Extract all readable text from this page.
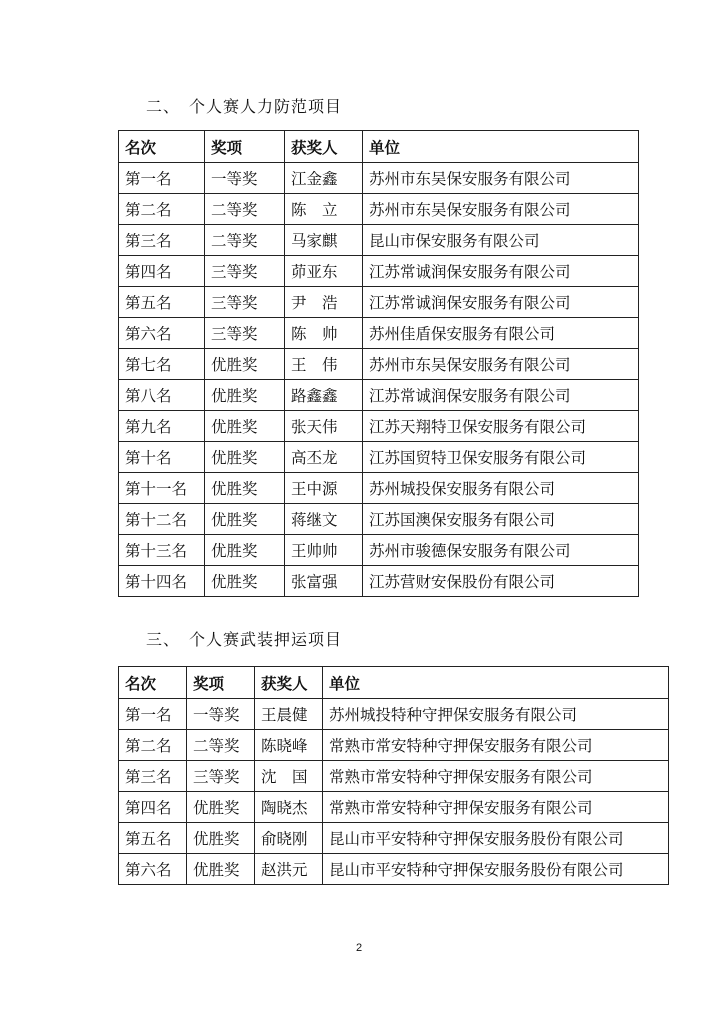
二、　个人赛人力防范项目
名次	奖项	获奖人	单位
第一名	一等奖	江金鑫	苏州市东吴保安服务有限公司
第二名	二等奖	陈　立	苏州市东吴保安服务有限公司
第三名	二等奖	马家麒	昆山市保安服务有限公司
第四名	三等奖	茆亚东	江苏常诚润保安服务有限公司
第五名	三等奖	尹　浩	江苏常诚润保安服务有限公司
第六名	三等奖	陈　帅	苏州佳盾保安服务有限公司
第七名	优胜奖	王　伟	苏州市东吴保安服务有限公司
第八名	优胜奖	路鑫鑫	江苏常诚润保安服务有限公司
第九名	优胜奖	张天伟	江苏天翔特卫保安服务有限公司
第十名	优胜奖	高丕龙	江苏国贸特卫保安服务有限公司
第十一名	优胜奖	王中源	苏州城投保安服务有限公司
第十二名	优胜奖	蒋继文	江苏国澳保安服务有限公司
第十三名	优胜奖	王帅帅	苏州市骏德保安服务有限公司
第十四名	优胜奖	张富强	江苏营财安保股份有限公司
三、　个人赛武装押运项目
名次	奖项	获奖人	单位
第一名	一等奖	王晨健	苏州城投特种守押保安服务有限公司
第二名	二等奖	陈晓峰	常熟市常安特种守押保安服务有限公司
第三名	三等奖	沈　国	常熟市常安特种守押保安服务有限公司
第四名	优胜奖	陶晓杰	常熟市常安特种守押保安服务有限公司
第五名	优胜奖	俞晓刚	昆山市平安特种守押保安服务股份有限公司
第六名	优胜奖	赵洪元	昆山市平安特种守押保安服务股份有限公司
2
